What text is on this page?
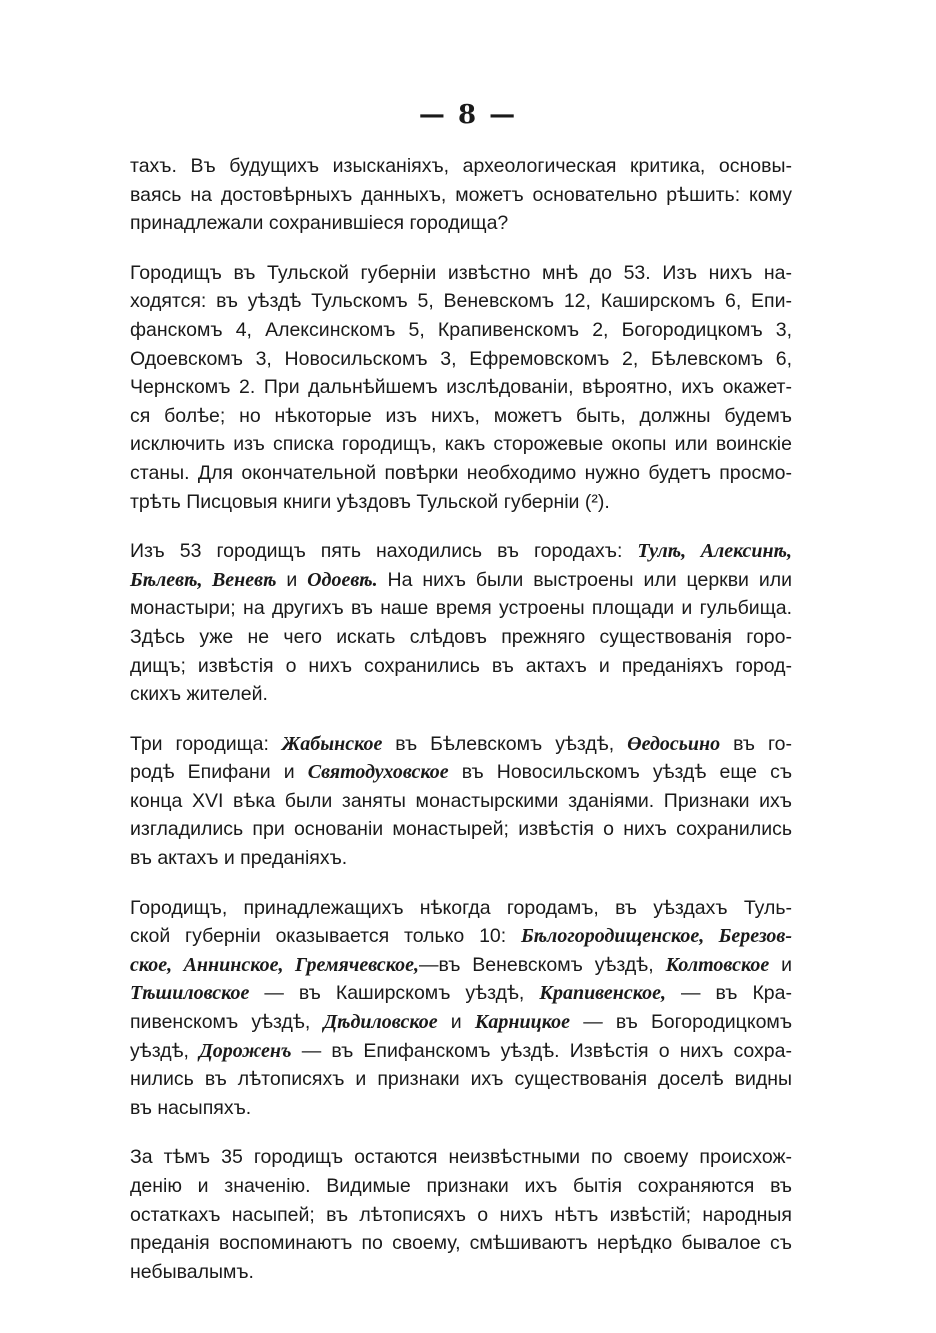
— 8 —
тахъ. Въ будущихъ изысканiяхъ, археологическая критика, основы-
ваясь на достовѣрныхъ данныхъ, можетъ основательно рѣшить: кому
принадлежали сохранившiеся городища?
Городищъ въ Тульской губернiи извѣстно мнѣ до 53. Изъ нихъ на-
ходятся: въ уѣздѣ Тульскомъ 5, Веневскомъ 12, Каширскомъ 6, Епи-
фанскомъ 4, Алексинскомъ 5, Крапивенскомъ 2, Богородицкомъ 3,
Одоевскомъ 3, Новосильскомъ 3, Ефремовскомъ 2, Бѣлевскомъ 6,
Чернскомъ 2. При дальнѣйшемъ изслѣдованiи, вѣроятно, ихъ окажет-
ся болѣе; но нѣкоторые изъ нихъ, можетъ быть, должны будемъ
исключить изъ списка городищъ, какъ сторожевые окопы или воинскiе
станы. Для окончательной повѣрки необходимо нужно будетъ просмо-
трѣть Писцовыя книги уѣздовъ Тульской губернiи (²).
Изъ 53 городищъ пять находились въ городахъ: Тулѣ, Алексинѣ,
Бѣлевѣ, Веневѣ и Одоевѣ. На нихъ были выстроены или церкви или
монастыри; на другихъ въ наше время устроены площади и гульбища.
Здѣсь уже не чего искать слѣдовъ прежняго существованiя горо-
дищъ; извѣстiя о нихъ сохранились въ актахъ и преданiяхъ город-
скихъ жителей.
Три городища: Жабынское въ Бѣлевскомъ уѣздѣ, Өедосьино въ го-
родѣ Епифани и Святодуховское въ Новосильскомъ уѣздѣ еще съ
конца XVI вѣка были заняты монастырскими зданiями. Признаки ихъ
изгладились при основанiи монастырей; извѣстiя о нихъ сохранились
въ актахъ и преданiяхъ.
Городищъ, принадлежащихъ нѣкогда городамъ, въ уѣздахъ Туль-
ской губернiи оказывается только 10: Бѣлогородищенское, Березов-
ское, Аннинское, Гремячевское,—въ Веневскомъ уѣздѣ, Колтовское и
Тѣшиловское — въ Каширскомъ уѣздѣ, Крапивенское, — въ Кра-
пивенскомъ уѣздѣ, Дѣдиловское и Карницкое — въ Богородицкомъ
уѣздѣ, Дороженъ — въ Епифанскомъ уѣздѣ. Извѣстiя о нихъ сохра-
нились въ лѣтописяхъ и признаки ихъ существованiя доселѣ видны
въ насыпяхъ.
За тѣмъ 35 городищъ остаются неизвѣстными по своему происхож-
денiю и значенiю. Видимые признаки ихъ бытiя сохраняются въ
остаткахъ насыпей; въ лѣтописяхъ о нихъ нѣтъ извѣстiй; народныя
преданiя воспоминаютъ по своему, смѣшиваютъ нерѣдко бывалое съ
небывалымъ.
